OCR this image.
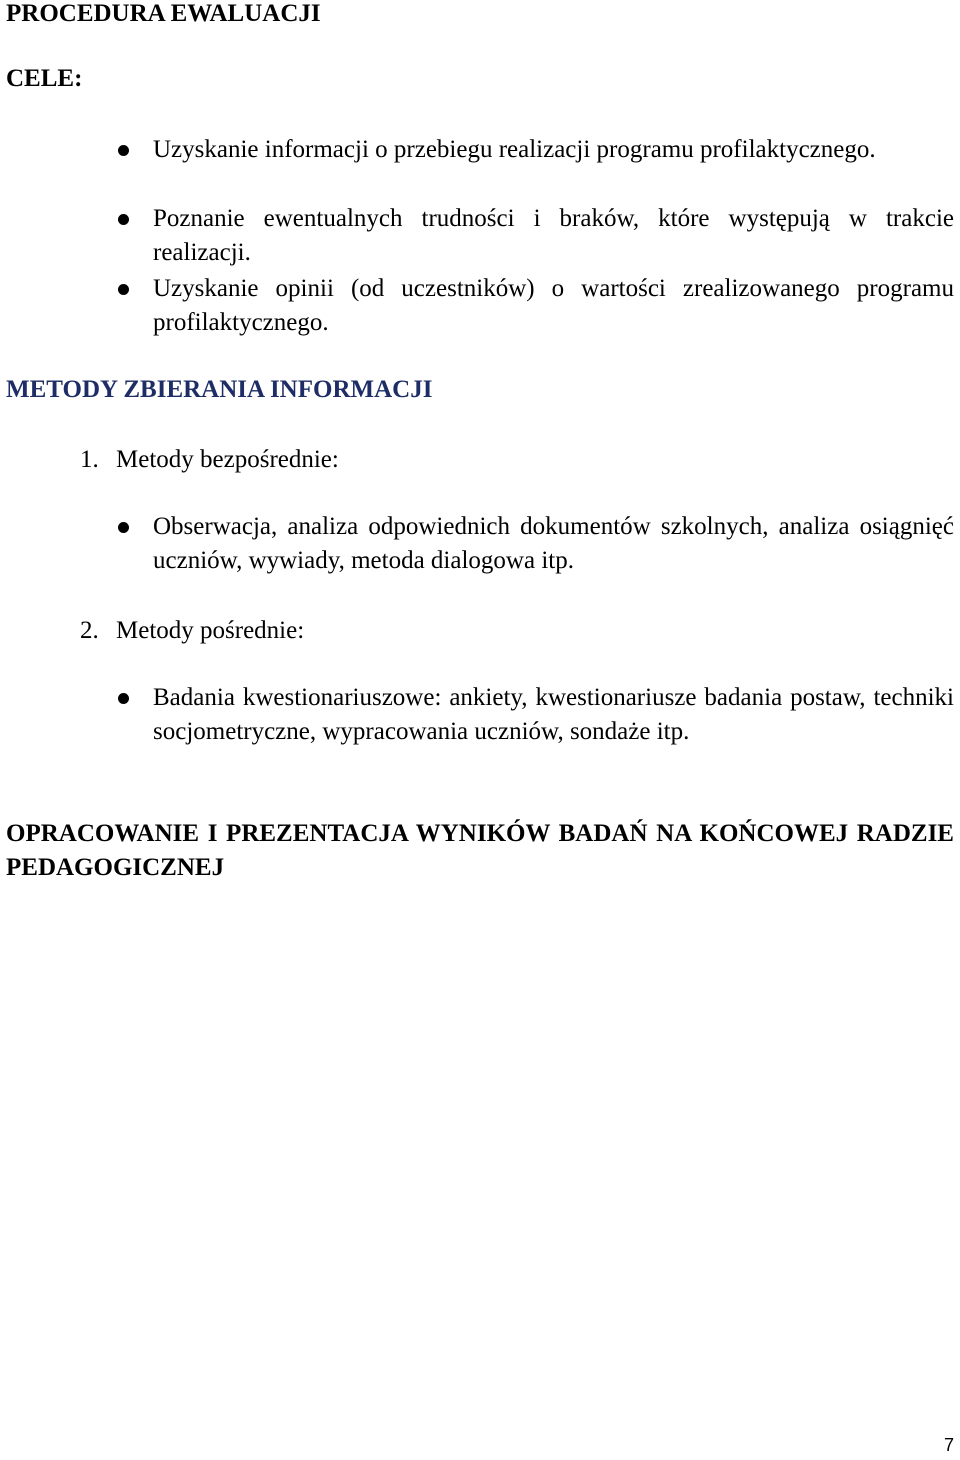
PROCEDURA EWALUACJI
CELE:

Uzyskanie informacji o przebiegu realizacji programu profilaktycznego.

Poznanie ewentualnych trudności i braków, które występują w trakcie realizacji.

Uzyskanie opinii (od uczestników) o wartości zrealizowanego programu profilaktycznego.

METODY ZBIERANIA INFORMACJI

1. Metody bezpośrednie:

Obserwacja, analiza odpowiednich dokumentów szkolnych, analiza osiągnięć uczniów, wywiady, metoda dialogowa itp.

2. Metody pośrednie:

Badania kwestionariuszowe: ankiety, kwestionariusze badania postaw, techniki socjometryczne, wypracowania uczniów, sondaże itp.

OPRACOWANIE I PREZENTACJA WYNIKÓW BADAŃ NA KOŃCOWEJ RADZIE PEDAGOGICZNEJ
7
